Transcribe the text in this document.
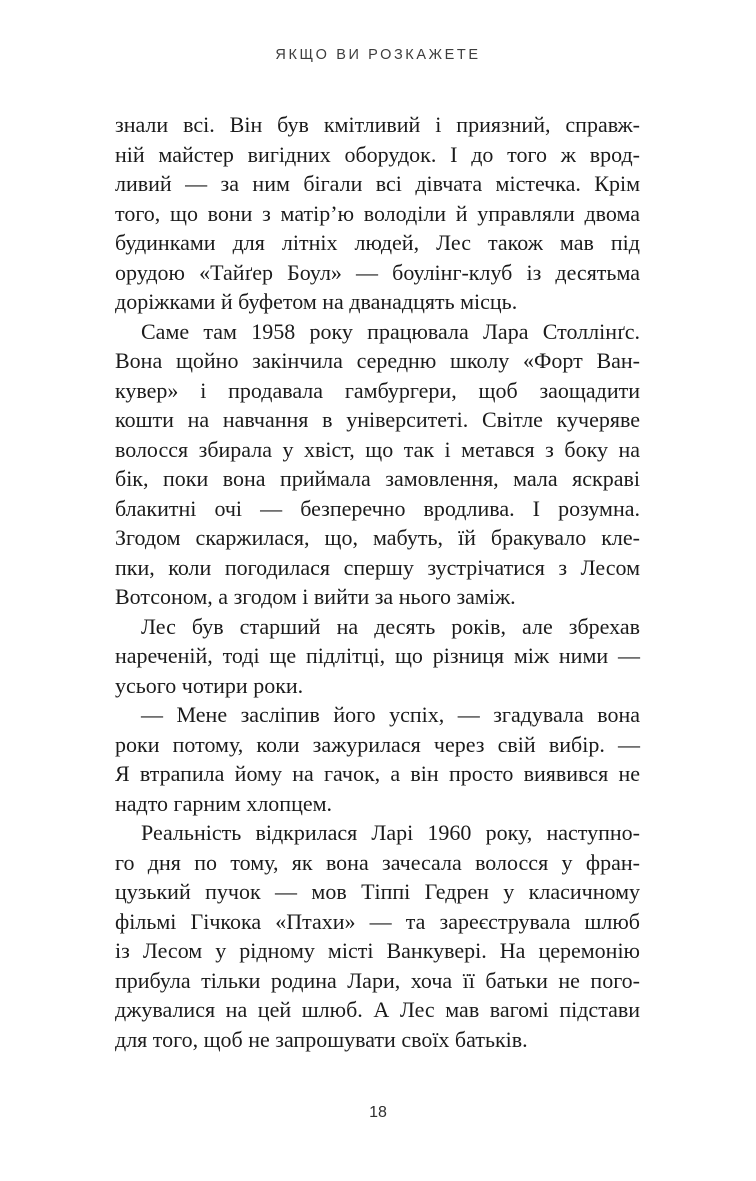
ЯКЩО ВИ РОЗКАЖЕТЕ
знали всі. Він був кмітливий і приязний, справж-
ній майстер вигідних оборудок. І до того ж врод-
ливий — за ним бігали всі дівчата містечка. Крім
того, що вони з матір’ю володіли й управляли двома
будинками для літніх людей, Лес також мав під
орудою «Тайґер Боул» — боулінг-клуб із десятьма
доріжками й буфетом на дванадцять місць.
Саме там 1958 року працювала Лара Столлінґс.
Вона щойно закінчила середню школу «Форт Ван-
кувер» і продавала гамбургери, щоб заощадити
кошти на навчання в університеті. Світле кучеряве
волосся збирала у хвіст, що так і метався з боку на
бік, поки вона приймала замовлення, мала яскраві
блакитні очі — безперечно вродлива. І розумна.
Згодом скаржилася, що, мабуть, їй бракувало кле-
пки, коли погодилася спершу зустрічатися з Лесом
Вотсоном, а згодом і вийти за нього заміж.
Лес був старший на десять років, але збрехав
нареченій, тоді ще підлітці, що різниця між ними —
усього чотири роки.
— Мене засліпив його успіх, — згадувала вона
роки потому, коли зажурилася через свій вибір. —
Я втрапила йому на гачок, а він просто виявився не
надто гарним хлопцем.
Реальність відкрилася Ларі 1960 року, наступно-
го дня по тому, як вона зачесала волосся у фран-
цузький пучок — мов Тіппі Гедрен у класичному
фільмі Гічкока «Птахи» — та зареєструвала шлюб
із Лесом у рідному місті Ванкувері. На церемонію
прибула тільки родина Лари, хоча її батьки не пого-
джувалися на цей шлюб. А Лес мав вагомі підстави
для того, щоб не запрошувати своїх батьків.
18
